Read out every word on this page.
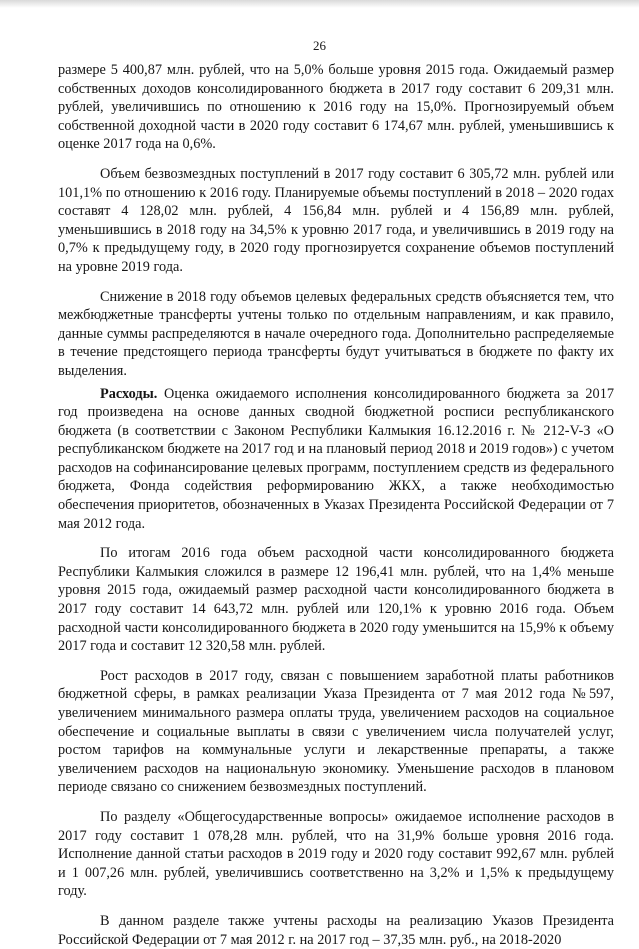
26

размере 5 400,87 млн. рублей, что на 5,0% больше уровня 2015 года. Ожидаемый размер собственных доходов консолидированного бюджета в 2017 году составит 6 209,31 млн. рублей, увеличившись по отношению к 2016 году на 15,0%. Прогнозируемый объем собственной доходной части в 2020 году составит 6 174,67 млн. рублей, уменьшившись к оценке 2017 года на 0,6%.

Объем безвозмездных поступлений в 2017 году составит 6 305,72 млн. рублей или 101,1% по отношению к 2016 году. Планируемые объемы поступлений в 2018 – 2020 годах составят 4 128,02 млн. рублей, 4 156,84 млн. рублей и 4 156,89 млн. рублей, уменьшившись в 2018 году на 34,5% к уровню 2017 года, и увеличившись в 2019 году на 0,7% к предыдущему году, в 2020 году прогнозируется сохранение объемов поступлений на уровне 2019 года.

Снижение в 2018 году объемов целевых федеральных средств объясняется тем, что межбюджетные трансферты учтены только по отдельным направлениям, и как правило, данные суммы распределяются в начале очередного года. Дополнительно распределяемые в течение предстоящего периода трансферты будут учитываться в бюджете по факту их выделения.

Расходы. Оценка ожидаемого исполнения консолидированного бюджета за 2017 год произведена на основе данных сводной бюджетной росписи республиканского бюджета (в соответствии с Законом Республики Калмыкия 16.12.2016 г. № 212-V-З «О республиканском бюджете на 2017 год и на плановый период 2018 и 2019 годов») с учетом расходов на софинансирование целевых программ, поступлением средств из федерального бюджета, Фонда содействия реформированию ЖКХ, а также необходимостью обеспечения приоритетов, обозначенных в Указах Президента Российской Федерации от 7 мая 2012 года.

По итогам 2016 года объем расходной части консолидированного бюджета Республики Калмыкия сложился в размере 12 196,41 млн. рублей, что на 1,4% меньше уровня 2015 года, ожидаемый размер расходной части консолидированного бюджета в 2017 году составит 14 643,72 млн. рублей или 120,1% к уровню 2016 года. Объем расходной части консолидированного бюджета в 2020 году уменьшится на 15,9% к объему 2017 года и составит 12 320,58 млн. рублей.

Рост расходов в 2017 году, связан с повышением заработной платы работников бюджетной сферы, в рамках реализации Указа Президента от 7 мая 2012 года №597, увеличением минимального размера оплаты труда, увеличением расходов на социальное обеспечение и социальные выплаты в связи с увеличением числа получателей услуг, ростом тарифов на коммунальные услуги и лекарственные препараты, а также увеличением расходов на национальную экономику. Уменьшение расходов в плановом периоде связано со снижением безвозмездных поступлений.

По разделу «Общегосударственные вопросы» ожидаемое исполнение расходов в 2017 году составит 1 078,28 млн. рублей, что на 31,9% больше уровня 2016 года. Исполнение данной статьи расходов в 2019 году и 2020 году составит 992,67 млн. рублей и 1 007,26 млн. рублей, увеличившись соответственно на 3,2% и 1,5% к предыдущему году.

В данном разделе также учтены расходы на реализацию Указов Президента Российской Федерации от 7 мая 2012 г. на 2017 год – 37,35 млн. руб., на 2018-2020
